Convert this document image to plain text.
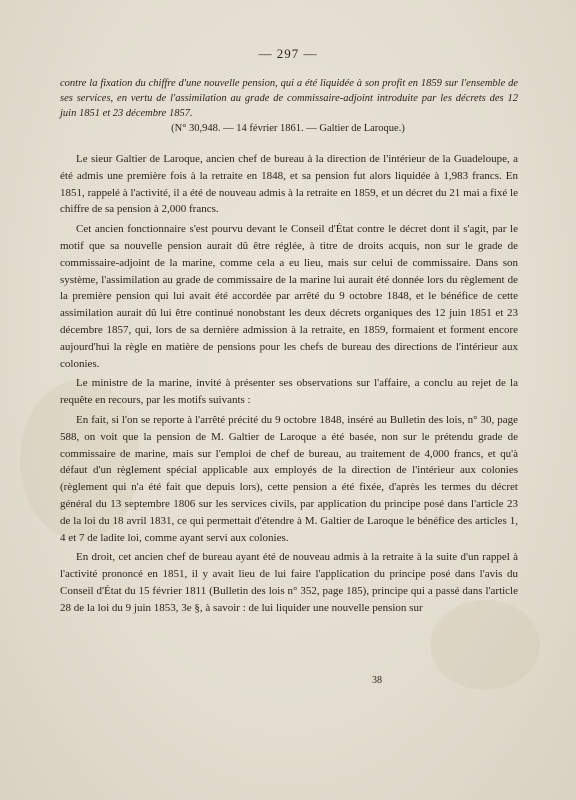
— 297 —
contre la fixation du chiffre d'une nouvelle pension, qui a été liquidée à son profit en 1859 sur l'ensemble de ses services, en vertu de l'assimilation au grade de commissaire-adjoint introduite par les décrets des 12 juin 1851 et 23 décembre 1857.
(N° 30,948. — 14 février 1861. — Galtier de Laroque.)

Le sieur Galtier de Laroque, ancien chef de bureau à la direction de l'intérieur de la Guadeloupe, a été admis une première fois à la retraite en 1848, et sa pension fut alors liquidée à 1,983 francs. En 1851, rappelé à l'activité, il a été de nouveau admis à la retraite en 1859, et un décret du 21 mai a fixé le chiffre de sa pension à 2,000 francs.

Cet ancien fonctionnaire s'est pourvu devant le Conseil d'État contre le décret dont il s'agit, par le motif que sa nouvelle pension aurait dû être réglée, à titre de droits acquis, non sur le grade de commissaire-adjoint de la marine, comme cela a eu lieu, mais sur celui de commissaire. Dans son système, l'assimilation au grade de commissaire de la marine lui aurait été donnée lors du règlement de la première pension qui lui avait été accordée par arrêté du 9 octobre 1848, et le bénéfice de cette assimilation aurait dû lui être continué nonobstant les deux décrets organiques des 12 juin 1851 et 23 décembre 1857, qui, lors de sa dernière admission à la retraite, en 1859, formaient et forment encore aujourd'hui la règle en matière de pensions pour les chefs de bureau des directions de l'intérieur aux colonies.

Le ministre de la marine, invité à présenter ses observations sur l'affaire, a conclu au rejet de la requête en recours, par les motifs suivants :

En fait, si l'on se reporte à l'arrêté précité du 9 octobre 1848, inséré au Bulletin des lois, n° 30, page 588, on voit que la pension de M. Galtier de Laroque a été basée, non sur le prétendu grade de commissaire de marine, mais sur l'emploi de chef de bureau, au traitement de 4,000 francs, et qu'à défaut d'un règlement spécial applicable aux employés de la direction de l'intérieur aux colonies (règlement qui n'a été fait que depuis lors), cette pension a été fixée, d'après les termes du décret général du 13 septembre 1806 sur les services civils, par application du principe posé dans l'article 23 de la loi du 18 avril 1831, ce qui permettait d'étendre à M. Galtier de Laroque le bénéfice des articles 1, 4 et 7 de ladite loi, comme ayant servi aux colonies.

En droit, cet ancien chef de bureau ayant été de nouveau admis à la retraite à la suite d'un rappel à l'activité prononcé en 1851, il y avait lieu de lui faire l'application du principe posé dans l'avis du Conseil d'État du 15 février 1811 (Bulletin des lois n° 352, page 185), principe qui a passé dans l'article 28 de la loi du 9 juin 1853, 3e §, à savoir : de lui liquider une nouvelle pension sur

38
